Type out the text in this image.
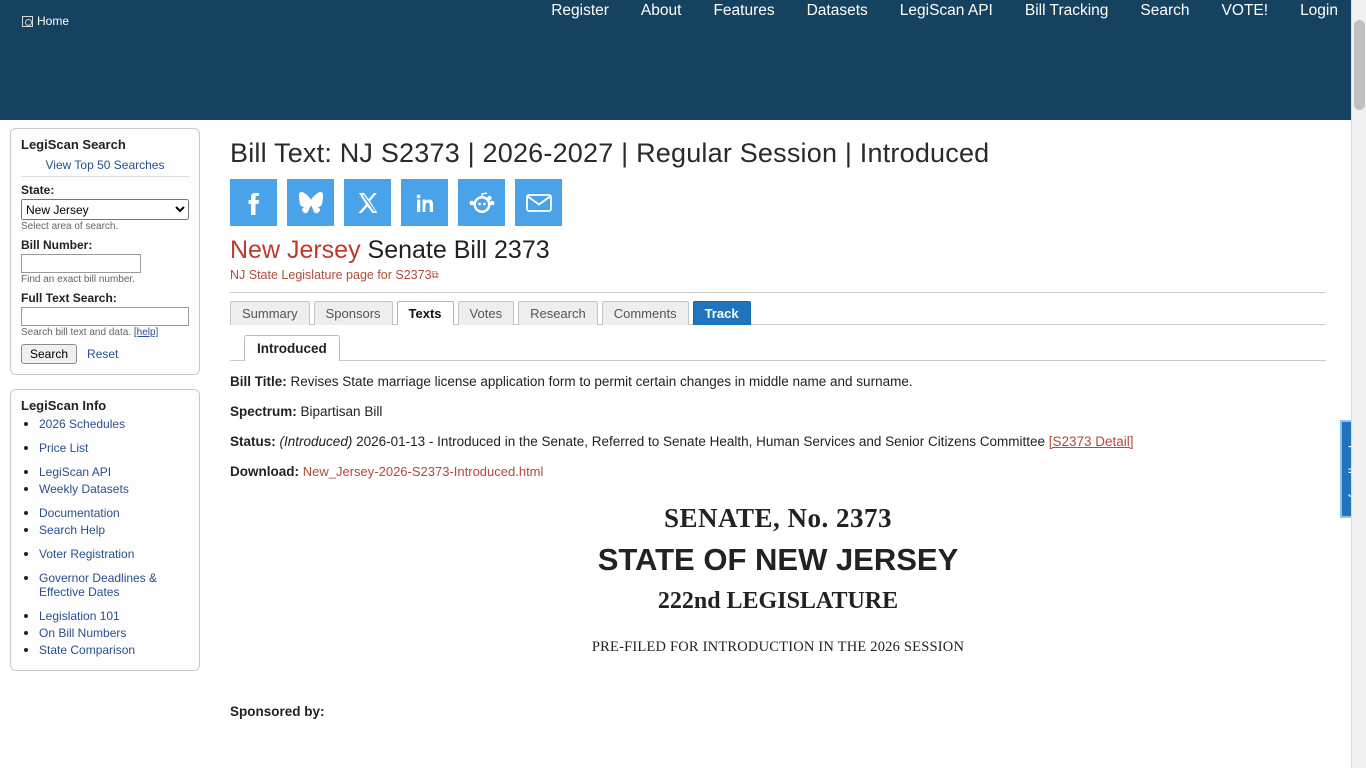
Home
Register	About	Features	Datasets	LegiScan API	Bill Tracking	Search	VOTE!	Login
LegiScan Search
View Top 50 Searches
State:
New Jersey
Select area of search.
Bill Number:
Find an exact bill number.
Full Text Search:
Search bill text and data. [help]
Search	Reset
LegiScan Info
• 2026 Schedules
• Price List
• LegiScan API
• Weekly Datasets
• Documentation
• Search Help
• Voter Registration
• Governor Deadlines & Effective Dates
• Legislation 101
• On Bill Numbers
• State Comparison
Bill Text: NJ S2373 | 2026-2027 | Regular Session | Introduced
New Jersey Senate Bill 2373
NJ State Legislature page for S2373⧉
Summary	Sponsors	Texts	Votes	Research	Comments	Track
Introduced
Bill Title: Revises State marriage license application form to permit certain changes in middle name and surname.
Spectrum: Bipartisan Bill
Status: (Introduced) 2026-01-13 - Introduced in the Senate, Referred to Senate Health, Human Services and Senior Citizens Committee [S2373 Detail]
Download: New_Jersey-2026-S2373-Introduced.html
SENATE, No. 2373
STATE OF NEW JERSEY
222nd LEGISLATURE
PRE-FILED FOR INTRODUCTION IN THE 2026 SESSION
Sponsored by:
